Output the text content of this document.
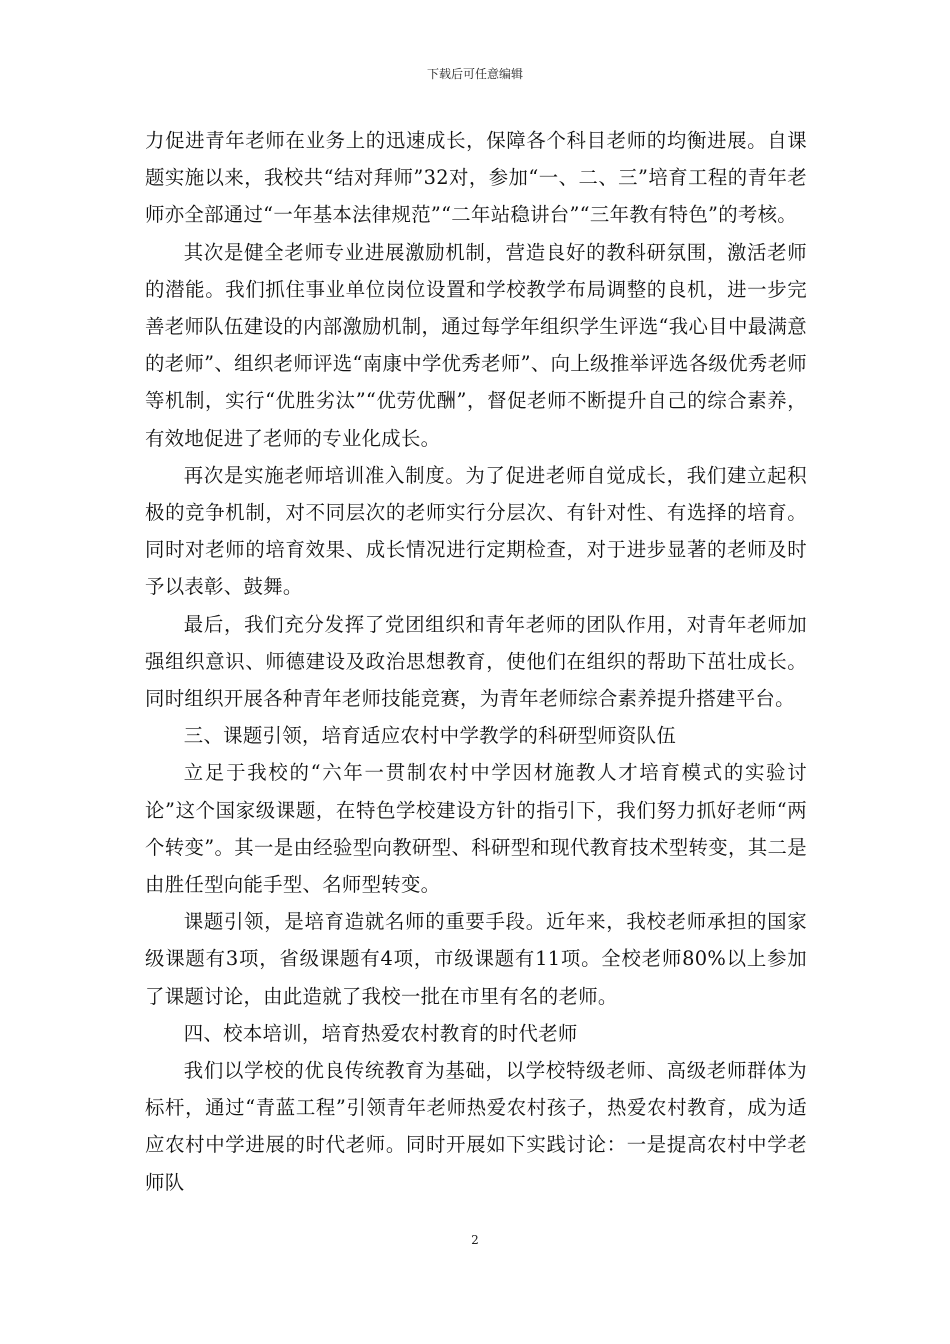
下载后可任意编辑

力促进青年老师在业务上的迅速成长，保障各个科目老师的均衡进展。自课题实施以来，我校共“结对拜师”32对，参加“一、二、三”培育工程的青年老师亦全部通过“一年基本法律规范”“二年站稳讲台”“三年教有特色”的考核。

其次是健全老师专业进展激励机制，营造良好的教科研氛围，激活老师的潜能。我们抓住事业单位岗位设置和学校教学布局调整的良机，进一步完善老师队伍建设的内部激励机制，通过每学年组织学生评选“我心目中最满意的老师”、组织老师评选“南康中学优秀老师”、向上级推举评选各级优秀老师等机制，实行“优胜劣汰”“优劳优酬”，督促老师不断提升自己的综合素养，有效地促进了老师的专业化成长。

再次是实施老师培训准入制度。为了促进老师自觉成长，我们建立起积极的竞争机制，对不同层次的老师实行分层次、有针对性、有选择的培育。同时对老师的培育效果、成长情况进行定期检查，对于进步显著的老师及时予以表彰、鼓舞。

最后，我们充分发挥了党团组织和青年老师的团队作用，对青年老师加强组织意识、师德建设及政治思想教育，使他们在组织的帮助下茁壮成长。同时组织开展各种青年老师技能竞赛，为青年老师综合素养提升搭建平台。

三、课题引领，培育适应农村中学教学的科研型师资队伍

立足于我校的“六年一贯制农村中学因材施教人才培育模式的实验讨论”这个国家级课题，在特色学校建设方针的指引下，我们努力抓好老师“两个转变”。其一是由经验型向教研型、科研型和现代教育技术型转变，其二是由胜任型向能手型、名师型转变。

课题引领，是培育造就名师的重要手段。近年来，我校老师承担的国家级课题有3项，省级课题有4项，市级课题有11项。全校老师80%以上参加了课题讨论，由此造就了我校一批在市里有名的老师。

四、校本培训，培育热爱农村教育的时代老师

我们以学校的优良传统教育为基础，以学校特级老师、高级老师群体为标杆，通过“青蓝工程”引领青年老师热爱农村孩子，热爱农村教育，成为适应农村中学进展的时代老师。同时开展如下实践讨论：一是提高农村中学老师队

2
